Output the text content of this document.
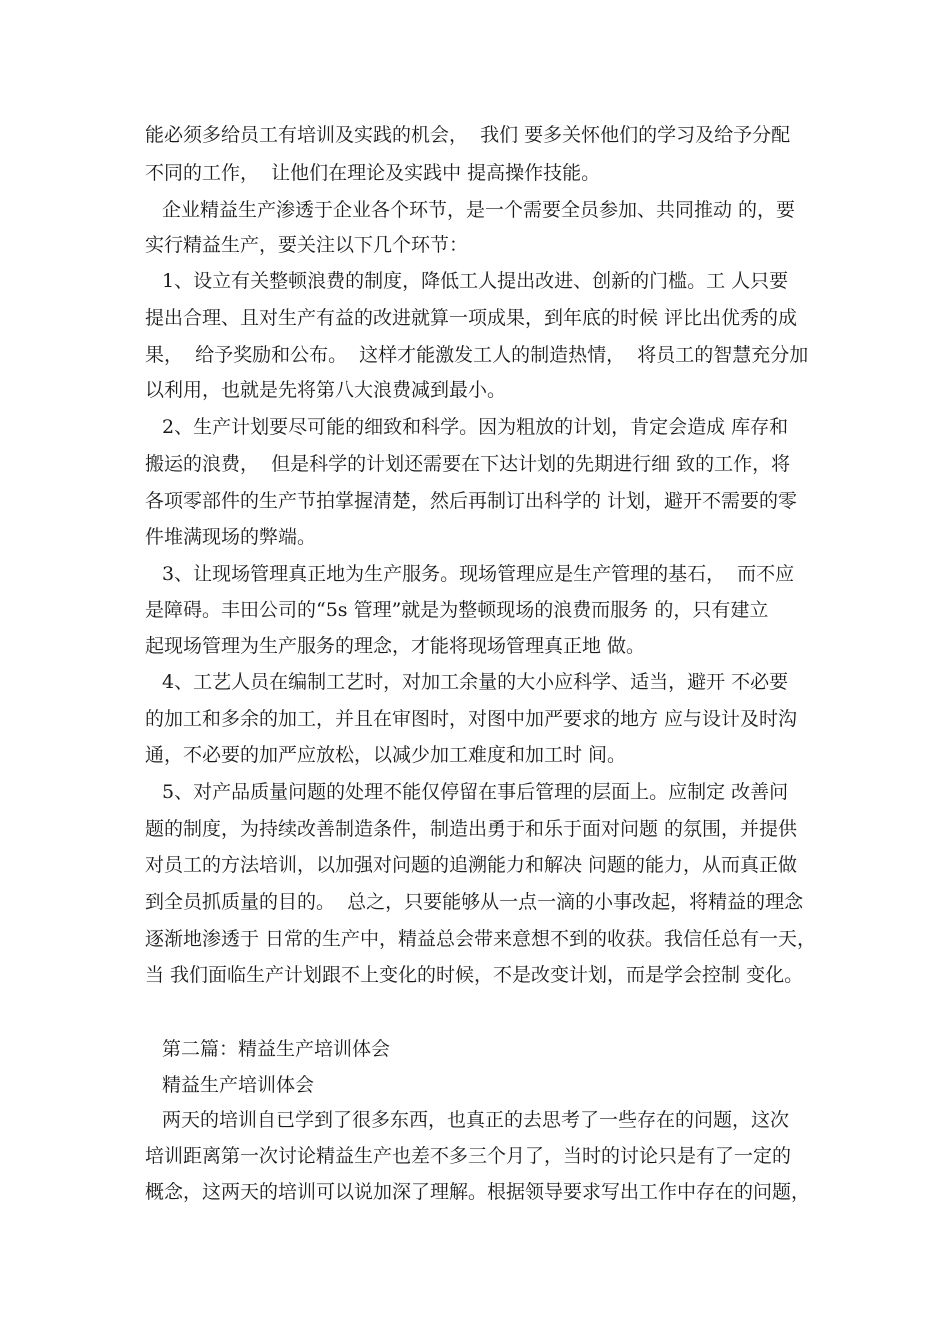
能必须多给员工有培训及实践的机会，  我们 要多关怀他们的学习及给予分配
不同的工作，  让他们在理论及实践中 提高操作技能。
企业精益生产渗透于企业各个环节，是一个需要全员参加、共同推动 的，要
实行精益生产，要关注以下几个环节：
1、设立有关整顿浪费的制度，降低工人提出改进、创新的门槛。工 人只要
提出合理、且对生产有益的改进就算一项成果，到年底的时候 评比出优秀的成
果，  给予奖励和公布。  这样才能激发工人的制造热情，  将员工的智慧充分加
以利用，也就是先将第八大浪费减到最小。
2、生产计划要尽可能的细致和科学。因为粗放的计划，肯定会造成 库存和
搬运的浪费，  但是科学的计划还需要在下达计划的先期进行细 致的工作，将
各项零部件的生产节拍掌握清楚，然后再制订出科学的 计划，避开不需要的零
件堆满现场的弊端。
3、让现场管理真正地为生产服务。现场管理应是生产管理的基石，  而不应
是障碍。丰田公司的“5s 管理”就是为整顿现场的浪费而服务 的，只有建立
起现场管理为生产服务的理念，才能将现场管理真正地 做。
4、工艺人员在编制工艺时，对加工余量的大小应科学、适当，避开 不必要
的加工和多余的加工，并且在审图时，对图中加严要求的地方 应与设计及时沟
通，不必要的加严应放松，以减少加工难度和加工时 间。
5、对产品质量问题的处理不能仅停留在事后管理的层面上。应制定 改善问
题的制度，为持续改善制造条件，制造出勇于和乐于面对问题 的氛围，并提供
对员工的方法培训，以加强对问题的追溯能力和解决 问题的能力，从而真正做
到全员抓质量的目的。  总之，只要能够从一点一滴的小事改起，将精益的理念
逐渐地渗透于 日常的生产中，精益总会带来意想不到的收获。我信任总有一天，
当 我们面临生产计划跟不上变化的时候，不是改变计划，而是学会控制 变化。
第二篇：精益生产培训体会
精益生产培训体会
两天的培训自已学到了很多东西，也真正的去思考了一些存在的问题，这次
培训距离第一次讨论精益生产也差不多三个月了，当时的讨论只是有了一定的
概念，这两天的培训可以说加深了理解。根据领导要求写出工作中存在的问题，
